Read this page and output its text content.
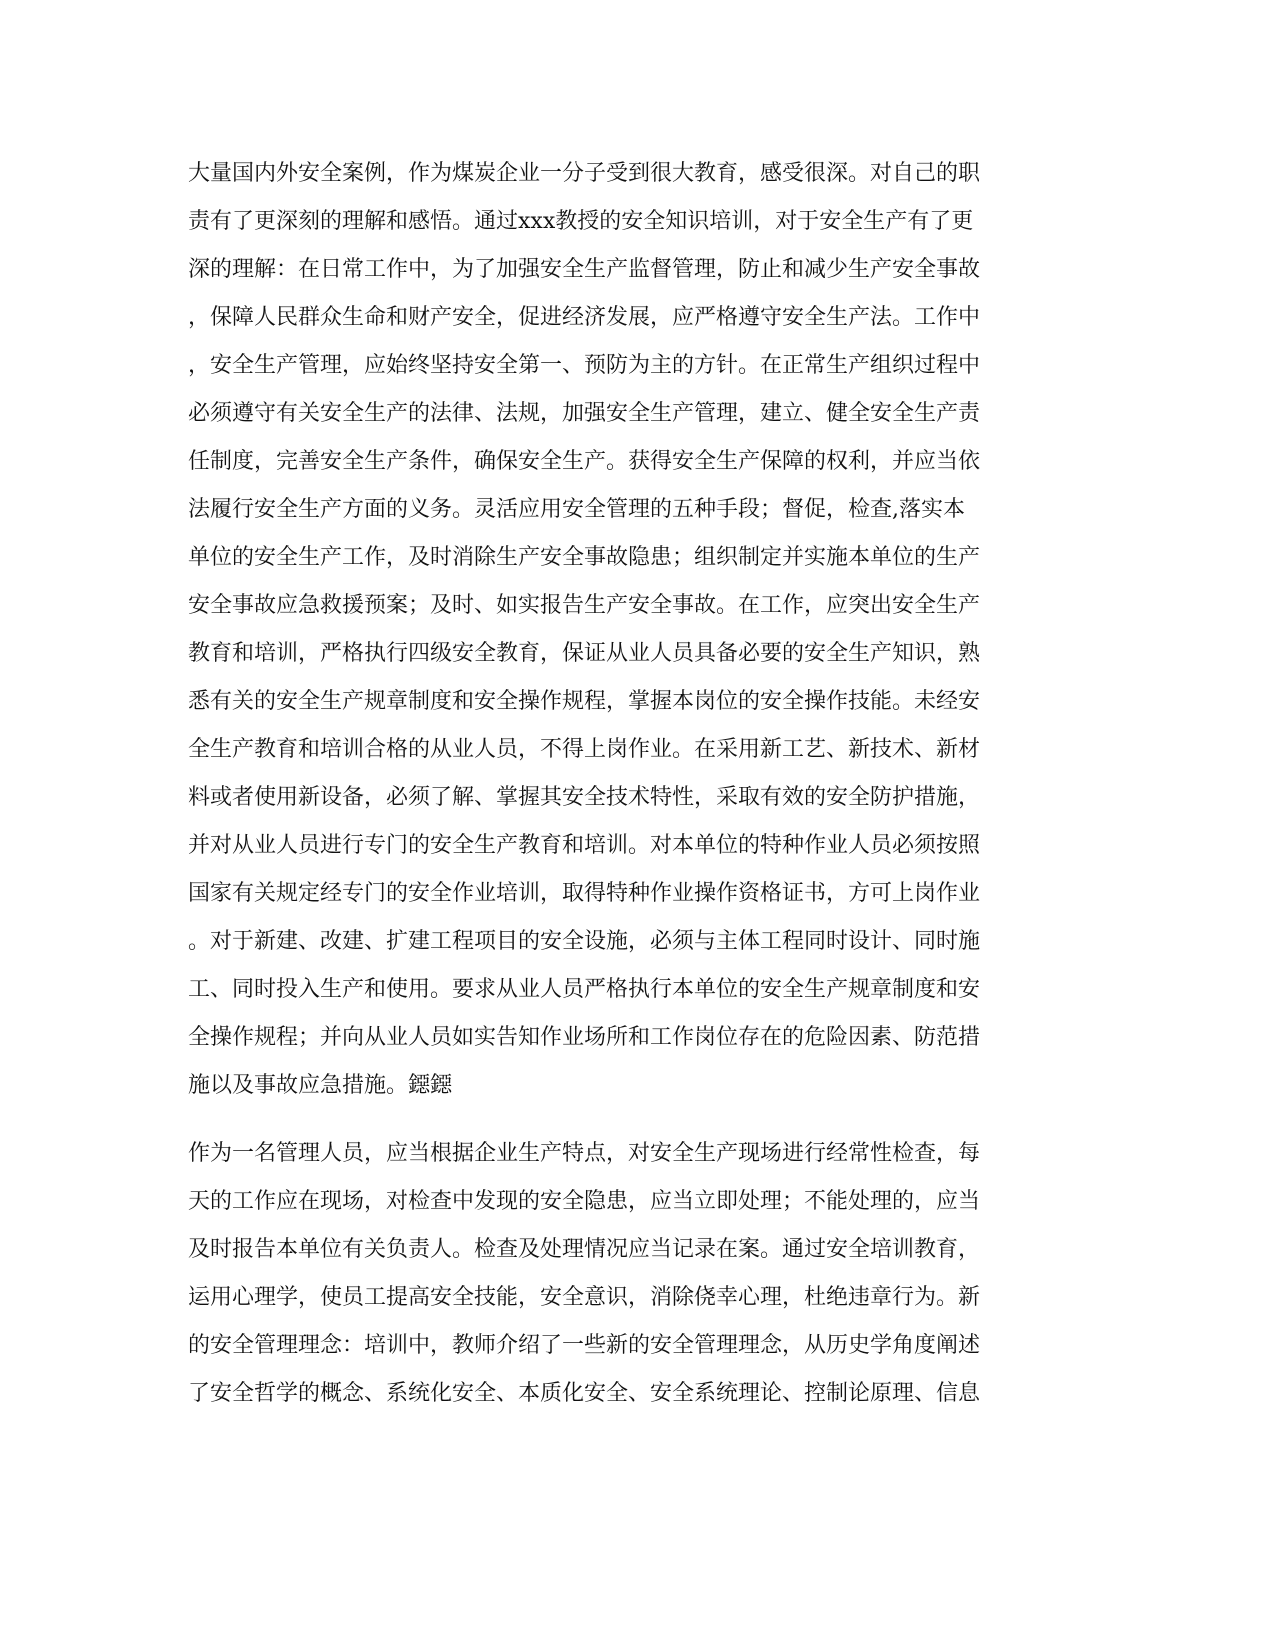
大量国内外安全案例，作为煤炭企业一分子受到很大教育，感受很深。对自己的职
责有了更深刻的理解和感悟。通过xxx教授的安全知识培训，对于安全生产有了更
深的理解：在日常工作中，为了加强安全生产监督管理，防止和减少生产安全事故
，保障人民群众生命和财产安全，促进经济发展，应严格遵守安全生产法。工作中
，安全生产管理，应始终坚持安全第一、预防为主的方针。在正常生产组织过程中
必须遵守有关安全生产的法律、法规，加强安全生产管理，建立、健全安全生产责
任制度，完善安全生产条件，确保安全生产。获得安全生产保障的权利，并应当依
法履行安全生产方面的义务。灵活应用安全管理的五种手段；督促，检查,落实本
单位的安全生产工作，及时消除生产安全事故隐患；组织制定并实施本单位的生产
安全事故应急救援预案；及时、如实报告生产安全事故。在工作，应突出安全生产
教育和培训，严格执行四级安全教育，保证从业人员具备必要的安全生产知识，熟
悉有关的安全生产规章制度和安全操作规程，掌握本岗位的安全操作技能。未经安
全生产教育和培训合格的从业人员，不得上岗作业。在采用新工艺、新技术、新材
料或者使用新设备，必须了解、掌握其安全技术特性，采取有效的安全防护措施，
并对从业人员进行专门的安全生产教育和培训。对本单位的特种作业人员必须按照
国家有关规定经专门的安全作业培训，取得特种作业操作资格证书，方可上岗作业
。对于新建、改建、扩建工程项目的安全设施，必须与主体工程同时设计、同时施
工、同时投入生产和使用。要求从业人员严格执行本单位的安全生产规章制度和安
全操作规程；并向从业人员如实告知作业场所和工作岗位存在的危险因素、防范措
施以及事故应急措施。鐚鐚
作为一名管理人员，应当根据企业生产特点，对安全生产现场进行经常性检查，每
天的工作应在现场，对检查中发现的安全隐患，应当立即处理；不能处理的，应当
及时报告本单位有关负责人。检查及处理情况应当记录在案。通过安全培训教育，
运用心理学，使员工提高安全技能，安全意识，消除侥幸心理，杜绝违章行为。新
的安全管理理念：培训中，教师介绍了一些新的安全管理理念，从历史学角度阐述
了安全哲学的概念、系统化安全、本质化安全、安全系统理论、控制论原理、信息
